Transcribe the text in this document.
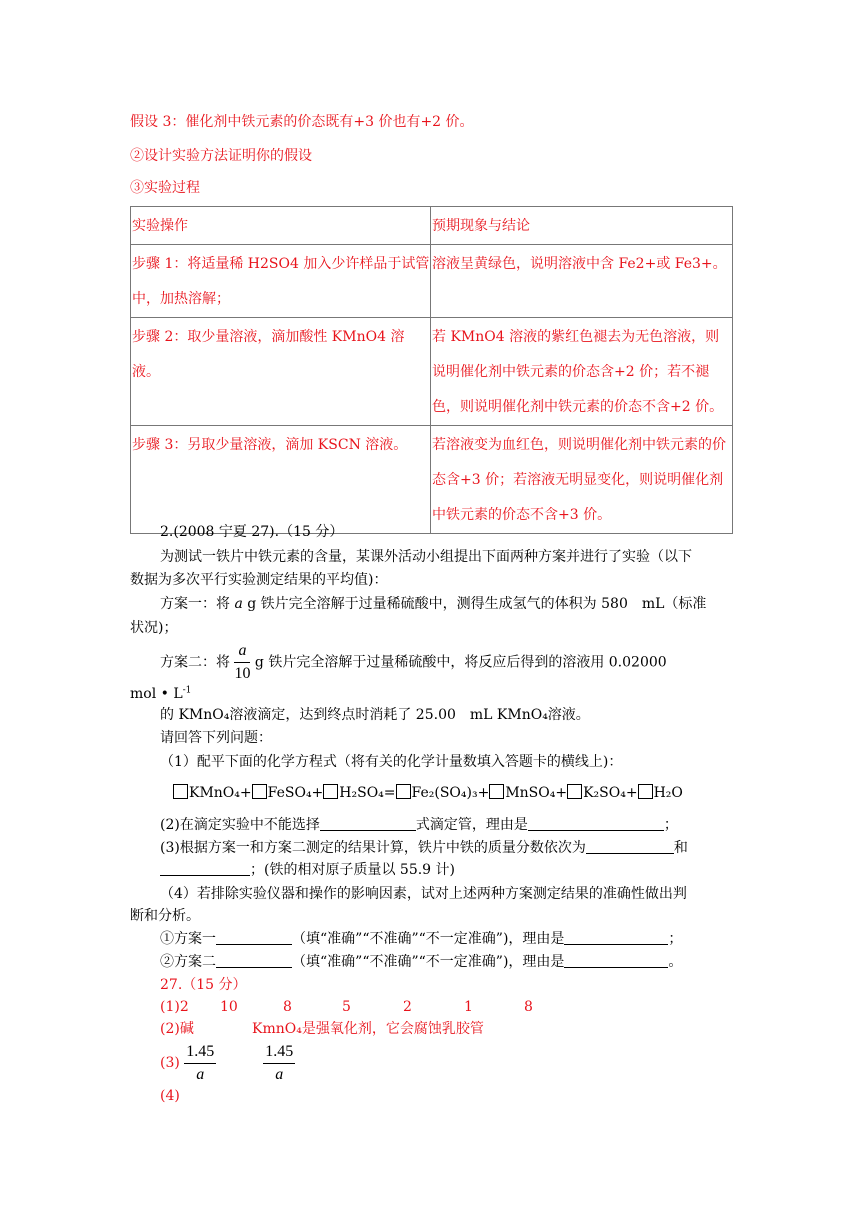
假设 3：催化剂中铁元素的价态既有+3 价也有+2 价。
②设计实验方法证明你的假设
③实验过程
实验操作	预期现象与结论
步骤 1：将适量稀 H2SO4 加入少许样品于试管中，加热溶解；	溶液呈黄绿色，说明溶液中含 Fe2+或 Fe3+。
步骤 2：取少量溶液，滴加酸性 KMnO4 溶液。	若 KMnO4 溶液的紫红色褪去为无色溶液，则说明催化剂中铁元素的价态含+2 价；若不褪色，则说明催化剂中铁元素的价态不含+2 价。
步骤 3：另取少量溶液，滴加 KSCN 溶液。	若溶液变为血红色，则说明催化剂中铁元素的价态含+3 价；若溶液无明显变化，则说明催化剂中铁元素的价态不含+3 价。
2.(2008 宁夏 27).（15 分）
为测试一铁片中铁元素的含量，某课外活动小组提出下面两种方案并进行了实验（以下
数据为多次平行实验测定结果的平均值)：
方案一：将 a g 铁片完全溶解于过量稀硫酸中，测得生成氢气的体积为 580　mL（标准
状况)；
方案二：将 $\frac{a}{10}$ g 铁片完全溶解于过量稀硫酸中，将反应后得到的溶液用 0.02000
mol • $L^{-1}$
的 KMnO₄溶液滴定，达到终点时消耗了 25.00　mL KMnO₄溶液。
请回答下列问题：
（1）配平下面的化学方程式（将有关的化学计量数填入答题卡的横线上)：
KMnO₄+ FeSO₄+ H₂SO₄= Fe₂(SO₄)₃+ MnSO₄+ K₂SO₄+ H₂O
(2)在滴定实验中不能选择	式滴定管，理由是	；
(3)根据方案一和方案二测定的结果计算，铁片中铁的质量分数依次为	和
；(铁的相对原子质量以 55.9 计)
（4）若排除实验仪器和操作的影响因素，试对上述两种方案测定结果的准确性做出判
断和分析。
①方案一	（填“准确”“不准确”“不一定准确”)，理由是	；
②方案二	（填“准确”“不准确”“不一定准确”)，理由是	。
27.（15 分）
(1)2 10	8	5	2	1	8
(2)碱	KmnO₄是强氧化剂，它会腐蚀乳胶管
$(3) \frac{1.45}{a}$
	$\frac{1.45}{a}$
(4)
